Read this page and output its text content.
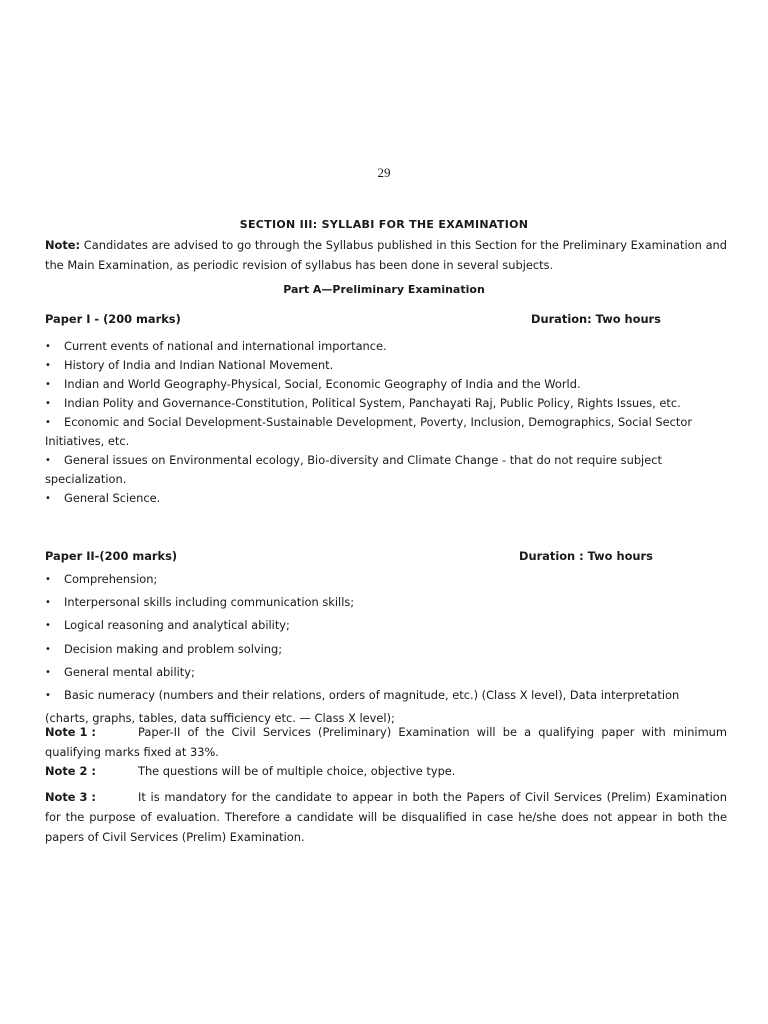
29
SECTION III: SYLLABI FOR THE EXAMINATION
Note: Candidates are advised to go through the Syllabus published in this Section for the Preliminary Examination and the Main Examination, as periodic revision of syllabus has been done in several subjects.
Part A—Preliminary Examination
Paper I - (200 marks)	Duration: Two hours
• Current events of national and international importance.
• History of India and Indian National Movement.
• Indian and World Geography-Physical, Social, Economic Geography of India and the World.
• Indian Polity and Governance-Constitution, Political System, Panchayati Raj, Public Policy, Rights Issues, etc.
• Economic and Social Development-Sustainable Development, Poverty, Inclusion, Demographics, Social Sector Initiatives, etc.
• General issues on Environmental ecology, Bio-diversity and Climate Change - that do not require subject specialization.
• General Science.
Paper II-(200 marks)	Duration : Two hours
• Comprehension;
• Interpersonal skills including communication skills;
• Logical reasoning and analytical ability;
• Decision making and problem solving;
• General mental ability;
• Basic numeracy (numbers and their relations, orders of magnitude, etc.) (Class X level), Data interpretation (charts, graphs, tables, data sufficiency etc. — Class X level);
Note 1 :	Paper-II of the Civil Services (Preliminary) Examination will be a qualifying paper with minimum qualifying marks fixed at 33%.
Note 2 :	The questions will be of multiple choice, objective type.
Note 3 :	It is mandatory for the candidate to appear in both the Papers of Civil Services (Prelim) Examination for the purpose of evaluation. Therefore a candidate will be disqualified in case he/she does not appear in both the papers of Civil Services (Prelim) Examination.
